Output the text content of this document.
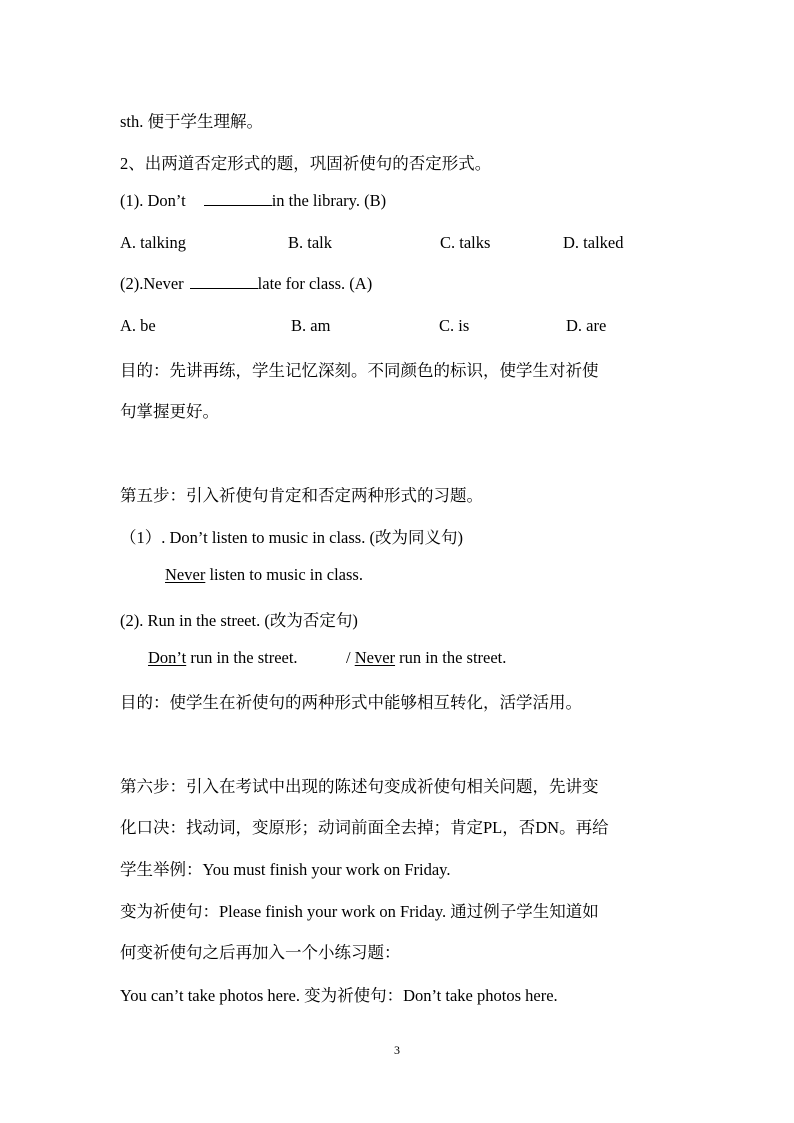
sth. 便于学生理解。
2、出两道否定形式的题，巩固祈使句的否定形式。
(1). Don’t	in the library. (B)
A. talking	B. talk	C. talks	D. talked
(2).Never	late for class. (A)
A. be	B. am	C. is	D. are
目的：先讲再练，学生记忆深刻。不同颜色的标识，使学生对祈使
句掌握更好。
第五步：引入祈使句肯定和否定两种形式的习题。
（1）. Don’t listen to music in class. (改为同义句)
Never listen to music in class.
(2). Run in the street. (改为否定句)
Don’t run in the street.	/ Never run in the street.
目的：使学生在祈使句的两种形式中能够相互转化，活学活用。
第六步：引入在考试中出现的陈述句变成祈使句相关问题，先讲变
化口决：找动词，变原形；动词前面全去掉；肯定PL，否DN。再给
学生举例：You must finish your work on Friday.
变为祈使句：Please finish your work on Friday. 通过例子学生知道如
何变祈使句之后再加入一个小练习题：
You can’t take photos here. 变为祈使句：Don’t take photos here.
3
